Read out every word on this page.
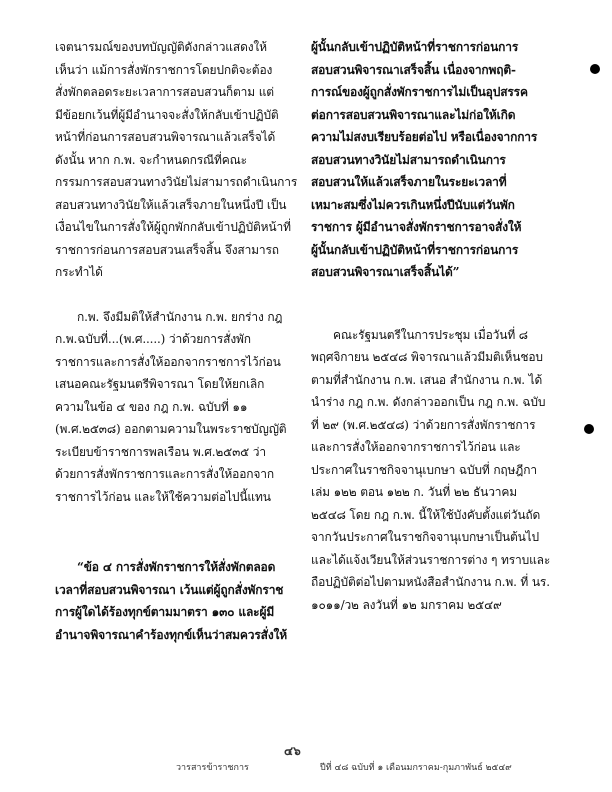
เจตนารมณ์ของบทบัญญัติดังกล่าวแสดงให้
เห็นว่า แม้การสั่งพักราชการโดยปกติจะต้อง
สั่งพักตลอดระยะเวลาการสอบสวนก็ตาม แต่
มีข้อยกเว้นที่ผู้มีอำนาจจะสั่งให้กลับเข้าปฏิบัติ
หน้าที่ก่อนการสอบสวนพิจารณาแล้วเสร็จได้
ดังนั้น หาก ก.พ. จะกำหนดกรณีที่คณะ
กรรมการสอบสวนทางวินัยไม่สามารถดำเนินการ
สอบสวนทางวินัยให้แล้วเสร็จภายในหนึ่งปี เป็น
เงื่อนไขในการสั่งให้ผู้ถูกพักกลับเข้าปฏิบัติหน้าที่
ราชการก่อนการสอบสวนเสร็จสิ้น จึงสามารถ
กระทำได้
ก.พ. จึงมีมติให้สำนักงาน ก.พ. ยกร่าง กฎ
ก.พ.ฉบับที่...(พ.ศ.....) ว่าด้วยการสั่งพัก
ราชการและการสั่งให้ออกจากราชการไว้ก่อน
เสนอคณะรัฐมนตรีพิจารณา โดยให้ยกเลิก
ความในข้อ ๔ ของ กฎ ก.พ. ฉบับที่ ๑๑
(พ.ศ.๒๕๓๘) ออกตามความในพระราชบัญญัติ
ระเบียบข้าราชการพลเรือน พ.ศ.๒๕๓๕ ว่า
ด้วยการสั่งพักราชการและการสั่งให้ออกจาก
ราชการไว้ก่อน และให้ใช้ความต่อไปนี้แทน
“ข้อ ๔ การสั่งพักราชการให้สั่งพักตลอด
เวลาที่สอบสวนพิจารณา เว้นแต่ผู้ถูกสั่งพักราช
การผู้ใดได้ร้องทุกข์ตามมาตรา ๑๓๐ และผู้มี
อำนาจพิจารณาคำร้องทุกข์เห็นว่าสมควรสั่งให้
ผู้นั้นกลับเข้าปฏิบัติหน้าที่ราชการก่อนการ
สอบสวนพิจารณาเสร็จสิ้น เนื่องจากพฤติ-
การณ์ของผู้ถูกสั่งพักราชการไม่เป็นอุปสรรค
ต่อการสอบสวนพิจารณาและไม่ก่อให้เกิด
ความไม่สงบเรียบร้อยต่อไป หรือเนื่องจากการ
สอบสวนทางวินัยไม่สามารถดำเนินการ
สอบสวนให้แล้วเสร็จภายในระยะเวลาที่
เหมาะสมซึ่งไม่ควรเกินหนึ่งปีนับแต่วันพัก
ราชการ ผู้มีอำนาจสั่งพักราชการอาจสั่งให้
ผู้นั้นกลับเข้าปฏิบัติหน้าที่ราชการก่อนการ
สอบสวนพิจารณาเสร็จสิ้นได้”
คณะรัฐมนตรีในการประชุม เมื่อวันที่ ๘
พฤศจิกายน ๒๕๔๘ พิจารณาแล้วมีมติเห็นชอบ
ตามที่สำนักงาน ก.พ. เสนอ สำนักงาน ก.พ. ได้
นำร่าง กฎ ก.พ. ดังกล่าวออกเป็น กฎ ก.พ. ฉบับ
ที่ ๒๙ (พ.ศ.๒๕๔๘) ว่าด้วยการสั่งพักราชการ
และการสั่งให้ออกจากราชการไว้ก่อน และ
ประกาศในราชกิจจานุเบกษา ฉบับที่ กฤษฎีกา
เล่ม ๑๒๒ ตอน ๑๒๒ ก. วันที่ ๒๒ ธันวาคม
๒๕๔๘ โดย กฎ ก.พ. นี้ให้ใช้บังคับตั้งแต่วันถัด
จากวันประกาศในราชกิจจานุเบกษาเป็นต้นไป
และได้แจ้งเวียนให้ส่วนราชการต่าง ๆ ทราบและ
ถือปฏิบัติต่อไปตามหนังสือสำนักงาน ก.พ. ที่ นร.
๑๐๑๑/ว๒ ลงวันที่ ๑๒ มกราคม ๒๕๔๙
๔๖
วารสารข้าราชการ	ปีที่ ๔๘ ฉบับที่ ๑ เดือนมกราคม-กุมภาพันธ์ ๒๕๔๙
